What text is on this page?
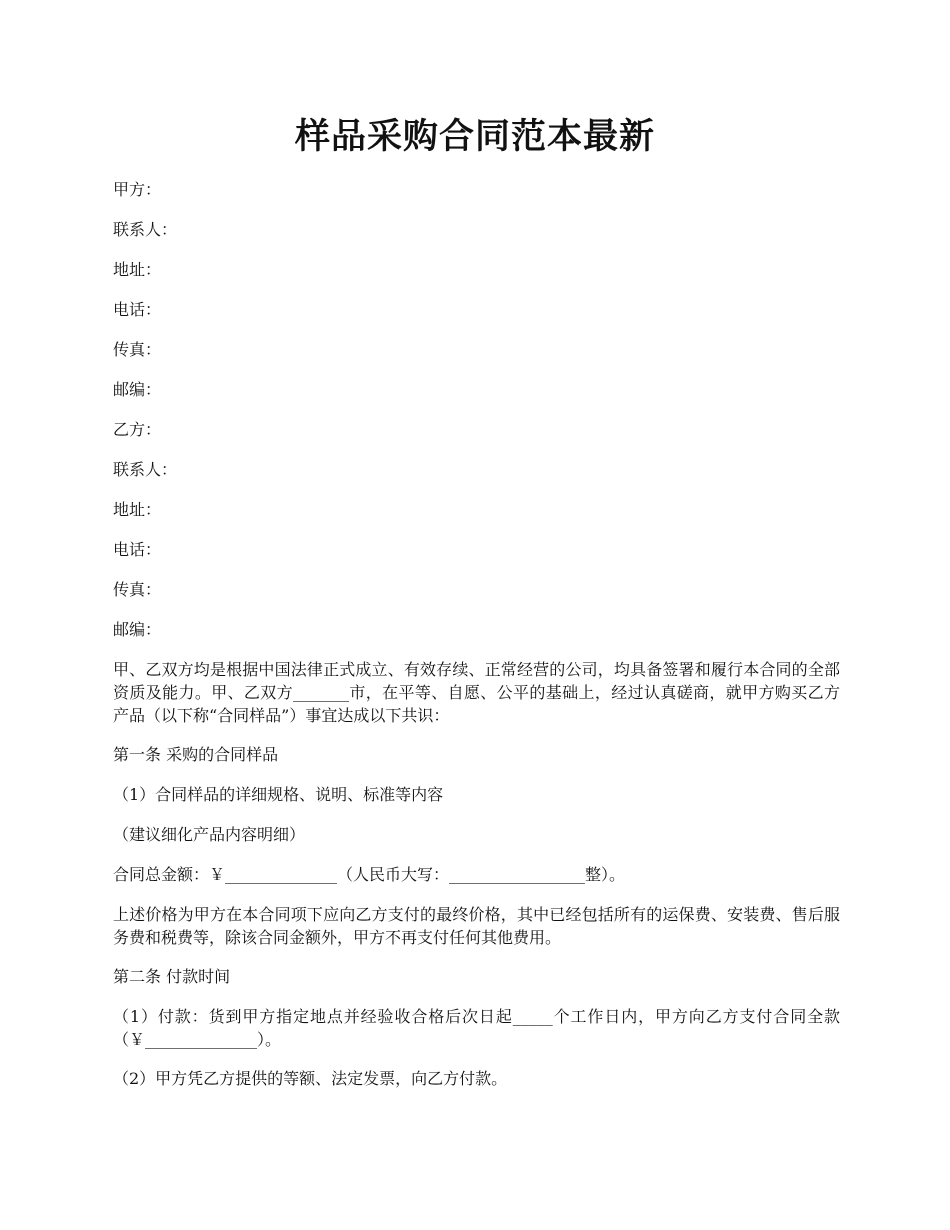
样品采购合同范本最新
甲方：
联系人：
地址：
电话：
传真：
邮编：
乙方：
联系人：
地址：
电话：
传真：
邮编：
甲、乙双方均是根据中国法律正式成立、有效存续、正常经营的公司，均具备签署和履行本合同的全部资质及能力。甲、乙双方_______市，在平等、自愿、公平的基础上，经过认真磋商，就甲方购买乙方产品（以下称“合同样品”）事宜达成以下共识：
第一条 采购的合同样品
（1）合同样品的详细规格、说明、标准等内容
（建议细化产品内容明细）
合同总金额：￥______________（人民币大写：_________________整）。
上述价格为甲方在本合同项下应向乙方支付的最终价格，其中已经包括所有的运保费、安装费、售后服务费和税费等，除该合同金额外，甲方不再支付任何其他费用。
第二条 付款时间
（1）付款：货到甲方指定地点并经验收合格后次日起_____个工作日内，甲方向乙方支付合同全款（￥______________）。
（2）甲方凭乙方提供的等额、法定发票，向乙方付款。
